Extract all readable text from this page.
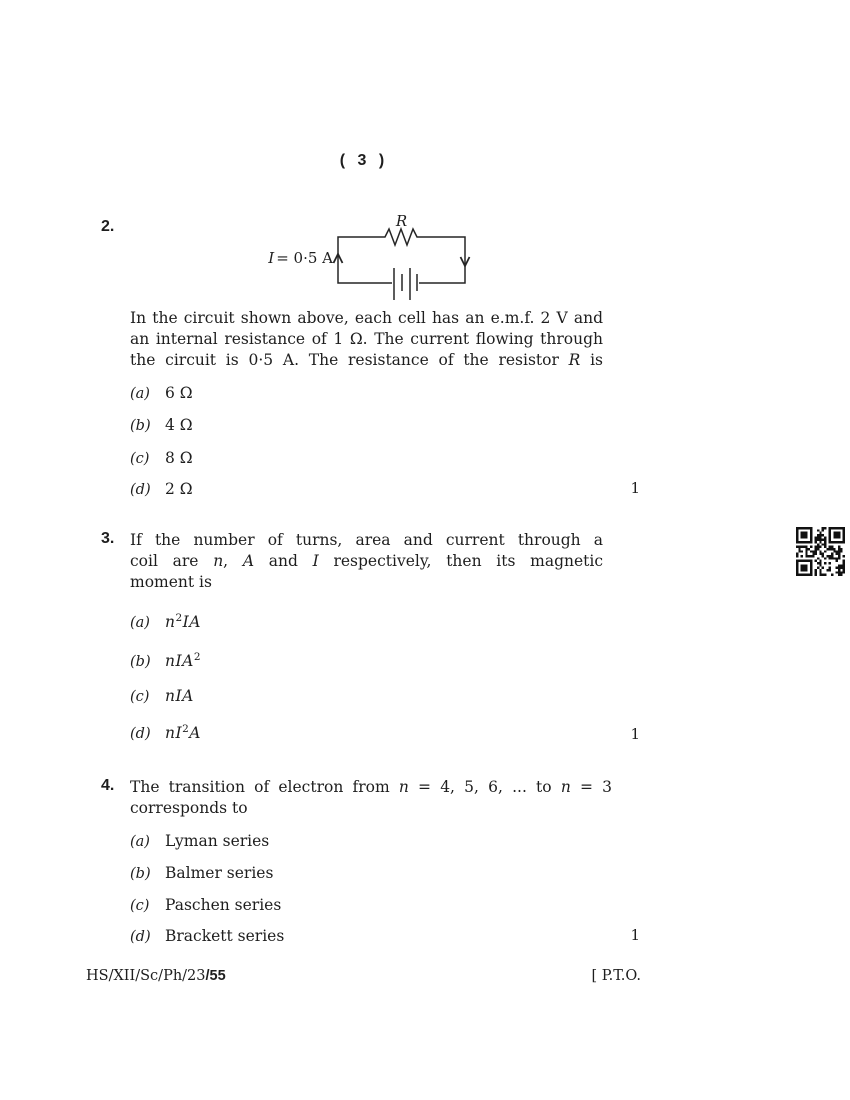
( 3 )
2.	R
I = 0·5 A
In the circuit shown above, each cell has an e.m.f. 2 V and
an internal resistance of 1 Ω. The current flowing through
the circuit is 0·5 A. The resistance of the resistor R is
(a) 6 Ω
(b) 4 Ω
(c) 8 Ω
(d) 2 Ω	1
3. If the number of turns, area and current through a
coil are n, A and I respectively, then its magnetic
moment is
(a) $n^2IA$
(b) nIA$^2$
(c) nIA
(d) $nI^2A$	1
4. The transition of electron from n = 4, 5, 6, ... to n = 3
corresponds to
(a) Lyman series
(b) Balmer series
(c) Paschen series
(d) Brackett series	1
HS/XII/Sc/Ph/23/55	[ P.T.O.
